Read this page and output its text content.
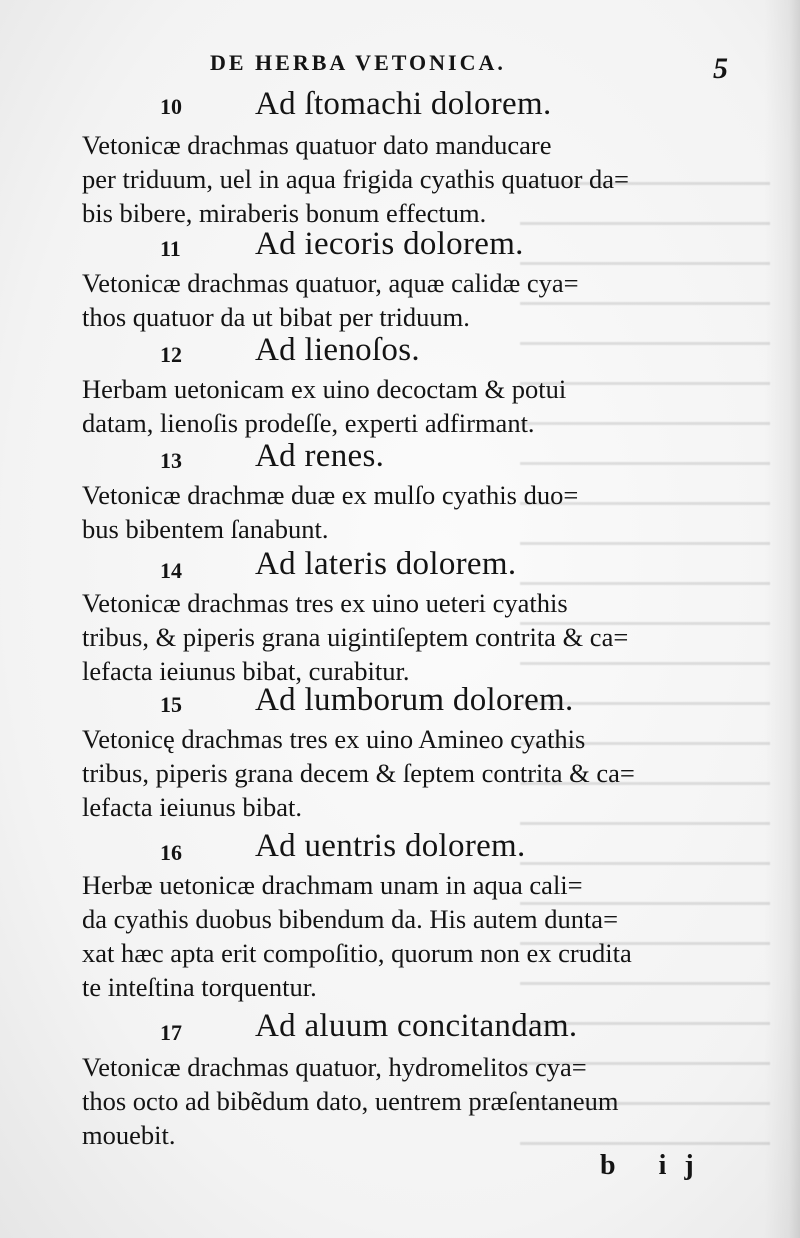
DE HERBA VETONICA.	5
10 Ad ſtomachi dolorem.
Vetonicæ drachmas quatuor dato manducare
per triduum, uel in aqua frigida cyathis quatuor da=
bis bibere, miraberis bonum effectum.
11 Ad iecoris dolorem.
Vetonicæ drachmas quatuor, aquæ calidæ cya=
thos quatuor da ut bibat per triduum.
12 Ad lienoſos.
Herbam uetonicam ex uino decoctam & potui
datam, lienoſis prodeſſe, experti adfirmant.
13 Ad renes.
Vetonicæ drachmæ duæ ex mulſo cyathis duo=
bus bibentem ſanabunt.
14 Ad lateris dolorem.
Vetonicæ drachmas tres ex uino ueteri cyathis
tribus, & piperis grana uigintiſeptem contrita & ca=
lefacta ieiunus bibat, curabitur.
15 Ad lumborum dolorem.
Vetonicę drachmas tres ex uino Amineo cyathis
tribus, piperis grana decem & ſeptem contrita & ca=
lefacta ieiunus bibat.
16 Ad uentris dolorem.
Herbæ uetonicæ drachmam unam in aqua cali=
da cyathis duobus bibendum da. His autem dunta=
xat hæc apta erit compoſitio, quorum non ex crudita
te inteſtina torquentur.
17 Ad aluum concitandam.
Vetonicæ drachmas quatuor, hydromelitos cya=
thos octo ad bibẽdum dato, uentrem præſentaneum
mouebit.
b ij
